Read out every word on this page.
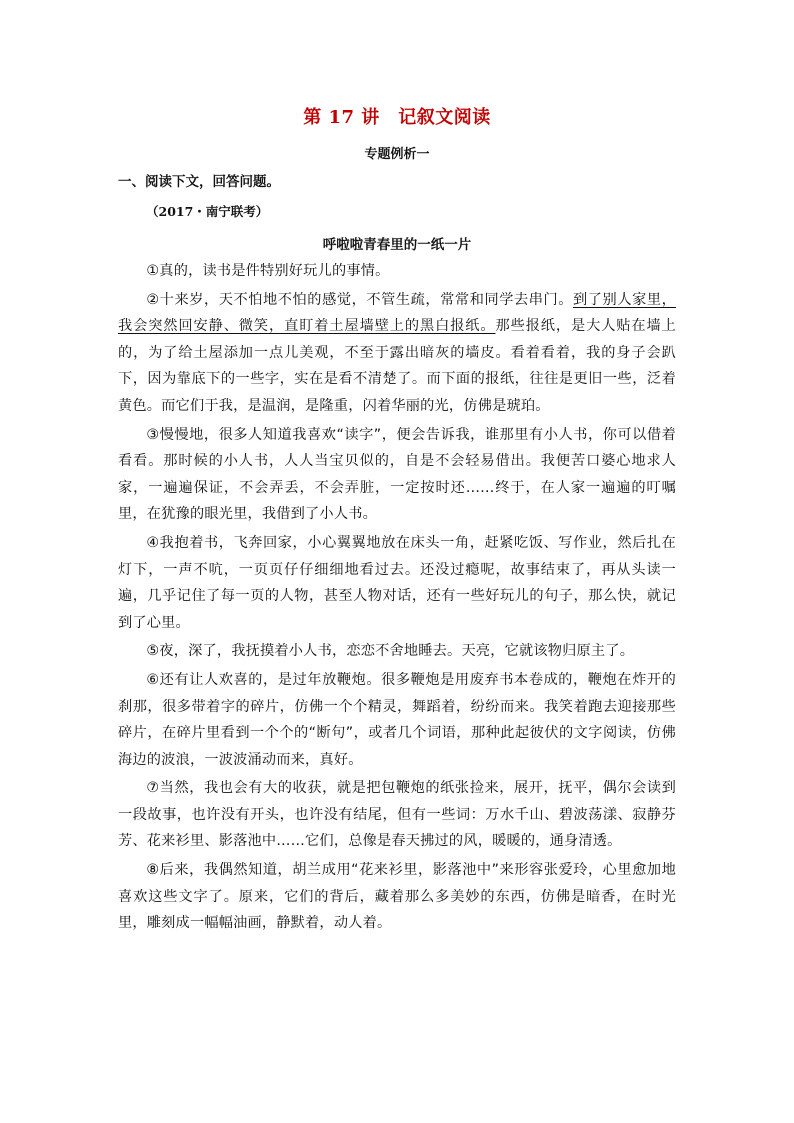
第 17 讲　记叙文阅读
专题例析一
一、阅读下文，回答问题。
（2017・南宁联考）
呼啦啦青春里的一纸一片

①真的，读书是件特别好玩儿的事情。

②十来岁，天不怕地不怕的感觉，不管生疏，常常和同学去串门。到了别人家里，我会突然回安静、微笑，直盯着土屋墙壁上的黑白报纸。那些报纸，是大人贴在墙上的，为了给土屋添加一点儿美观，不至于露出暗灰的墙皮。看着看着，我的身子会趴下，因为靠底下的一些字，实在是看不清楚了。而下面的报纸，往往是更旧一些，泛着黄色。而它们于我，是温润，是隆重，闪着华丽的光，仿佛是琥珀。

③慢慢地，很多人知道我喜欢“读字”，便会告诉我，谁那里有小人书，你可以借着看看。那时候的小人书，人人当宝贝似的，自是不会轻易借出。我便苦口婆心地求人家，一遍遍保证，不会弄丢，不会弄脏，一定按时还……终于，在人家一遍遍的叮嘱里，在犹豫的眼光里，我借到了小人书。

④我抱着书，飞奔回家，小心翼翼地放在床头一角，赶紧吃饭、写作业，然后扎在灯下，一声不吭，一页页仔仔细细地看过去。还没过瘾呢，故事结束了，再从头读一遍，几乎记住了每一页的人物，甚至人物对话，还有一些好玩儿的句子，那么快，就记到了心里。

⑤夜，深了，我抚摸着小人书，恋恋不舍地睡去。天亮，它就该物归原主了。

⑥还有让人欢喜的，是过年放鞭炮。很多鞭炮是用废弃书本卷成的，鞭炮在炸开的刹那，很多带着字的碎片，仿佛一个个精灵，舞蹈着，纷纷而来。我笑着跑去迎接那些碎片，在碎片里看到一个个的“断句”，或者几个词语，那种此起彼伏的文字阅读，仿佛海边的波浪，一波波涌动而来，真好。

⑦当然，我也会有大的收获，就是把包鞭炮的纸张捡来，展开，抚平，偶尔会读到一段故事，也许没有开头，也许没有结尾，但有一些词：万水千山、碧波荡漾、寂静芬芳、花来衫里、影落池中……它们，总像是春天拂过的风，暖暖的，通身清透。

⑧后来，我偶然知道，胡兰成用“花来衫里，影落池中”来形容张爱玲，心里愈加地喜欢这些文字了。原来，它们的背后，藏着那么多美妙的东西，仿佛是暗香，在时光里，雕刻成一幅幅油画，静默着，动人着。
